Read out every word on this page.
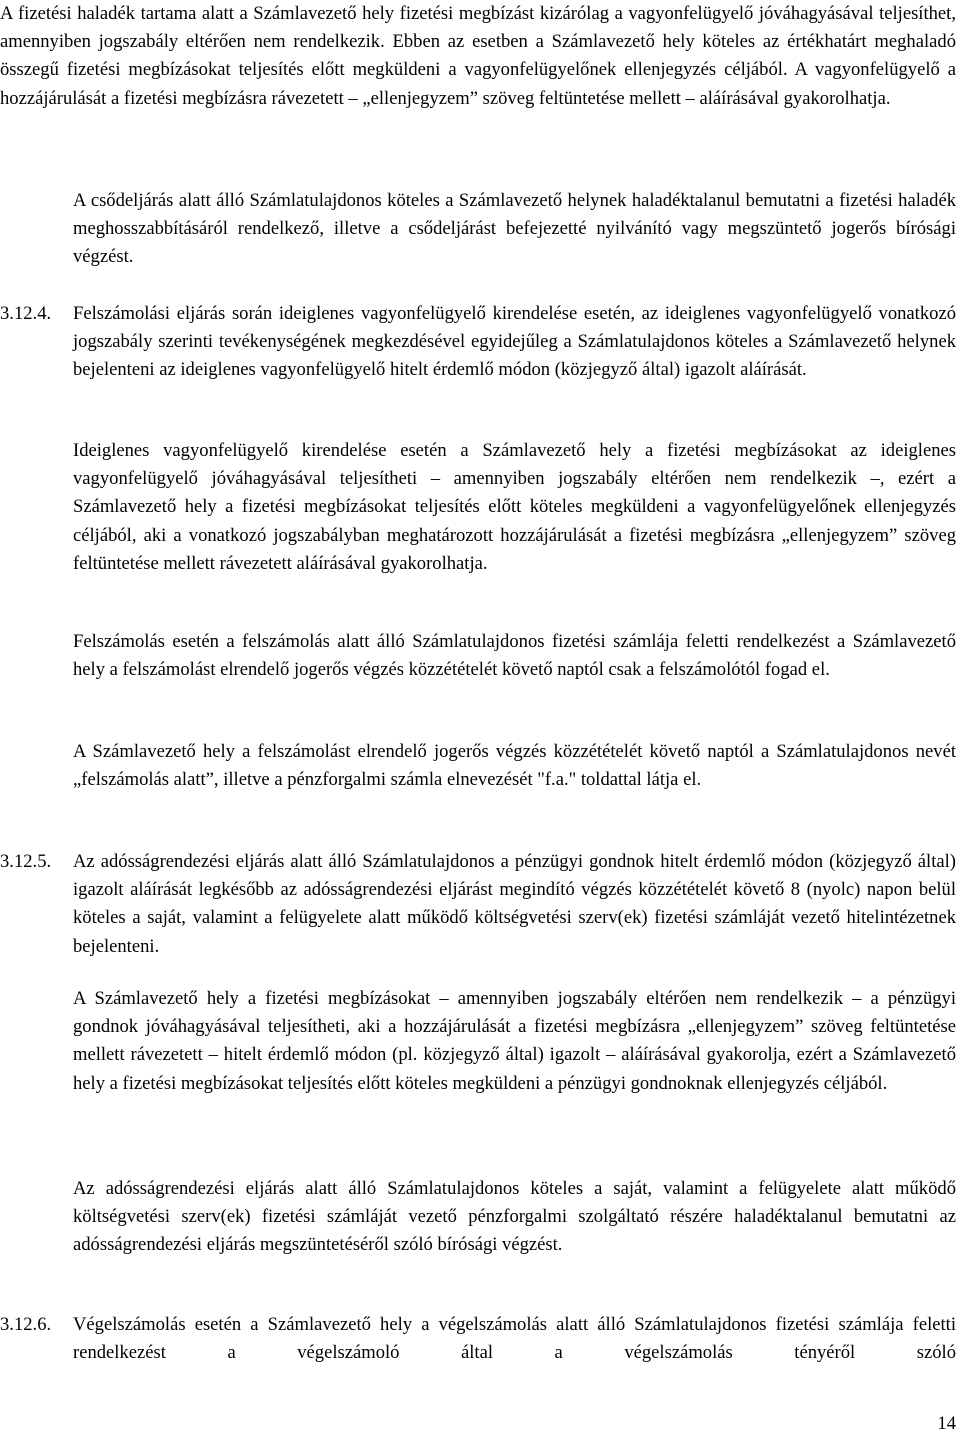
A fizetési haladék tartama alatt a Számlavezető hely fizetési megbízást kizárólag a vagyonfelügyelő jóváhagyásával teljesíthet, amennyiben jogszabály eltérően nem rendelkezik. Ebben az esetben a Számlavezető hely köteles az értékhatárt meghaladó összegű fizetési megbízásokat teljesítés előtt megküldeni a vagyonfelügyelőnek ellenjegyzés céljából. A vagyonfelügyelő a hozzájárulását a fizetési megbízásra rávezetett – „ellenjegyzem” szöveg feltüntetése mellett – aláírásával gyakorolhatja.

A csődeljárás alatt álló Számlatulajdonos köteles a Számlavezető helynek haladéktalanul bemutatni a fizetési haladék meghosszabbításáról rendelkező, illetve a csődeljárást befejezetté nyilvánító vagy megszüntető jogerős bírósági végzést.

3.12.4.	Felszámolási eljárás során ideiglenes vagyonfelügyelő kirendelése esetén, az ideiglenes vagyonfelügyelő vonatkozó jogszabály szerinti tevékenységének megkezdésével egyidejűleg a Számlatulajdonos köteles a Számlavezető helynek bejelenteni az ideiglenes vagyonfelügyelő hitelt érdemlő módon (közjegyző által) igazolt aláírását.

Ideiglenes vagyonfelügyelő kirendelése esetén a Számlavezető hely a fizetési megbízásokat az ideiglenes vagyonfelügyelő jóváhagyásával teljesítheti – amennyiben jogszabály eltérően nem rendelkezik –, ezért a Számlavezető hely a fizetési megbízásokat teljesítés előtt köteles megküldeni a vagyonfelügyelőnek ellenjegyzés céljából, aki a vonatkozó jogszabályban meghatározott hozzájárulását a fizetési megbízásra „ellenjegyzem” szöveg feltüntetése mellett rávezetett aláírásával gyakorolhatja.

Felszámolás esetén a felszámolás alatt álló Számlatulajdonos fizetési számlája feletti rendelkezést a Számlavezető hely a felszámolást elrendelő jogerős végzés közzétételét követő naptól csak a felszámolótól fogad el.

A Számlavezető hely a felszámolást elrendelő jogerős végzés közzétételét követő naptól a Számlatulajdonos nevét „felszámolás alatt”, illetve a pénzforgalmi számla elnevezését "f.a." toldattal látja el.

3.12.5.	Az adósságrendezési eljárás alatt álló Számlatulajdonos a pénzügyi gondnok hitelt érdemlő módon (közjegyző által) igazolt aláírását legkésőbb az adósságrendezési eljárást megindító végzés közzétételét követő 8 (nyolc) napon belül köteles a saját, valamint a felügyelete alatt működő költségvetési szerv(ek) fizetési számláját vezető hitelintézetnek bejelenteni.

A Számlavezető hely a fizetési megbízásokat – amennyiben jogszabály eltérően nem rendelkezik – a pénzügyi gondnok jóváhagyásával teljesítheti, aki a hozzájárulását a fizetési megbízásra „ellenjegyzem” szöveg feltüntetése mellett rávezetett – hitelt érdemlő módon (pl. közjegyző által) igazolt – aláírásával gyakorolja, ezért a Számlavezető hely a fizetési megbízásokat teljesítés előtt köteles megküldeni a pénzügyi gondnoknak ellenjegyzés céljából.

Az adósságrendezési eljárás alatt álló Számlatulajdonos köteles a saját, valamint a felügyelete alatt működő költségvetési szerv(ek) fizetési számláját vezető pénzforgalmi szolgáltató részére haladéktalanul bemutatni az adósságrendezési eljárás megszüntetéséről szóló bírósági végzést.

3.12.6.	Végelszámolás esetén a Számlavezető hely a végelszámolás alatt álló Számlatulajdonos fizetési számlája feletti rendelkezést a végelszámoló által a végelszámolás tényéről szóló

14
